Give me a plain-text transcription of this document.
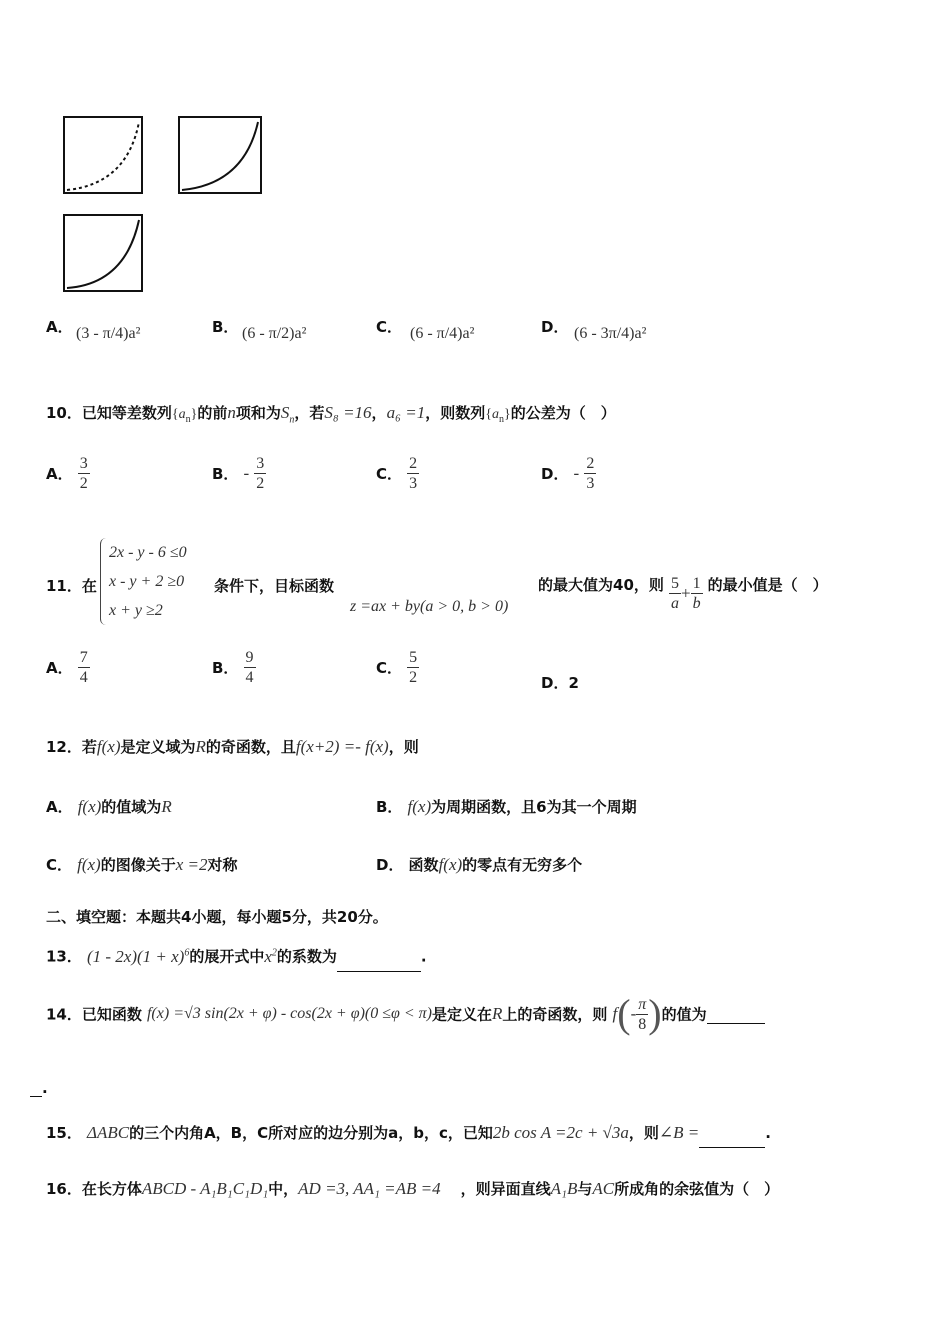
A． (3 - π/4)a²	B． (6 - π/2)a²	C． (6 - π/4)a²	D． (6 - 3π/4)a²
10．已知等差数列$\{a_n\}$的前n项和为$S_n$，若S₈ =16，a₆ =1，则数列$\{a_n\}$的公差为（　）
A． $\frac{3}{2}$	B． - $\frac{3}{2}$	C． $\frac{2}{3}$	D． - $\frac{2}{3}$
11．在
2x - y - 6 ≤0
x - y + 2 ≥0
x + y ≥2
条件下，目标函数
z =ax + by(a > 0, b > 0)
的最大值为40，则 $\frac{5}{a} + \frac{1}{b}$ 的最小值是（　）
A． $\frac{7}{4}$	B． $\frac{9}{4}$	C． $\frac{5}{2}$	D．2
12．若f(x)是定义域为R的奇函数，且f(x+2) =- f(x)，则
A． f(x)的值域为R	B． f(x)为周期函数，且6为其一个周期
C． f(x)的图像关于x =2对称	D． 函数f(x)的零点有无穷多个
二、填空题：本题共4小题，每小题5分，共20分。
13． $(1 - 2x)(1 + x)^6$的展开式中$x^2$的系数为	.
14．已知函数 f(x) =√3 sin(2x + φ) - cos(2x + φ)(0 ≤φ < π)是定义在R上的奇函数，则 $f(- \frac{\pi}{8}$ )的值为
.
15． ΔABC的三个内角A，B，C所对应的边分别为a，b，c，已知2b cos A =2c + √3a，则∠B =	.
16．在长方体ABCD - A₁B₁C₁D₁中，AD =3, AA₁ =AB =4 ，则异面直线A₁B与AC所成角的余弦值为（　）
